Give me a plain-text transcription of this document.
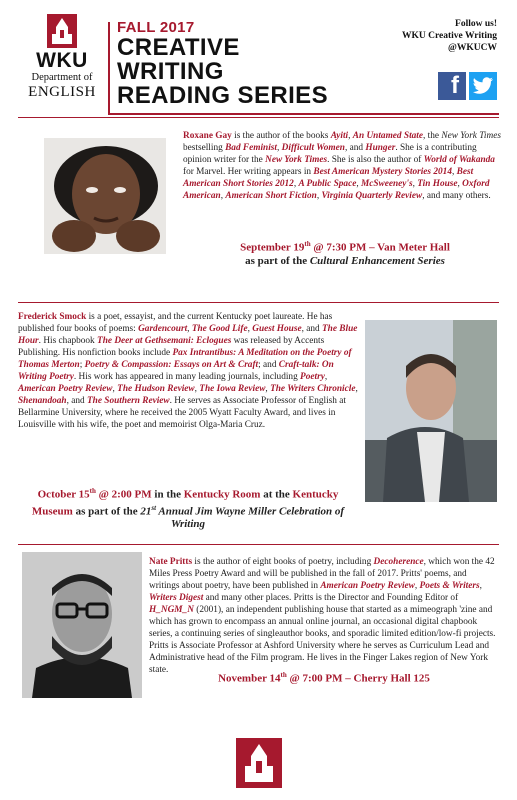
WKU
Department of
ENGLISH
FALL 2017
CREATIVE
WRITING
READING SERIES
Follow us!
WKU Creative Writing
@WKUCW
f
Roxane Gay is the author of the books Ayiti, An Untamed State, the New York Times bestselling Bad Feminist, Difficult Women, and Hunger. She is a contributing opinion writer for the New York Times. She is also the author of World of Wakanda for Marvel. Her writing appears in Best American Mystery Stories 2014, Best American Short Stories 2012, A Public Space, McSweeney's, Tin House, Oxford American, American Short Fiction, Virginia Quarterly Review, and many others.
September 19th @ 7:30 PM – Van Meter Hall
as part of the Cultural Enhancement Series
Frederick Smock is a poet, essayist, and the current Kentucky poet laureate. He has published four books of poems: Gardencourt, The Good Life, Guest House, and The Blue Hour. His chapbook The Deer at Gethsemani: Eclogues was released by Accents Publishing. His nonfiction books include Pax Intrantibus: A Meditation on the Poetry of Thomas Merton; Poetry & Compassion: Essays on Art & Craft; and Craft-talk: On Writing Poetry. His work has appeared in many leading journals, including Poetry, American Poetry Review, The Hudson Review, The Iowa Review, The Writers Chronicle, Shenandoah, and The Southern Review. He serves as Associate Professor of English at Bellarmine University, where he received the 2005 Wyatt Faculty Award, and lives in Louisville with his wife, the poet and memoirist Olga-Maria Cruz.
October 15th @ 2:00 PM in the Kentucky Room at the Kentucky Museum as part of the 21st Annual Jim Wayne Miller Celebration of Writing
Nate Pritts is the author of eight books of poetry, including Decoherence, which won the 42 Miles Press Poetry Award and will be published in the fall of 2017. Pritts' poems, and writings about poetry, have been published in American Poetry Review, Poets & Writers, Writers Digest and many other places. Pritts is the Director and Founding Editor of H_NGM_N (2001), an independent publishing house that started as a mimeograph 'zine and which has grown to encompass an annual online journal, an occasional digital chapbook series, a continuing series of singleauthor books, and sporadic limited edition/low-fi projects. Pritts is Associate Professor at Ashford University where he serves as Curriculum Lead and Administrative head of the Film program. He lives in the Finger Lakes region of New York state.
November 14th @ 7:00 PM – Cherry Hall 125
